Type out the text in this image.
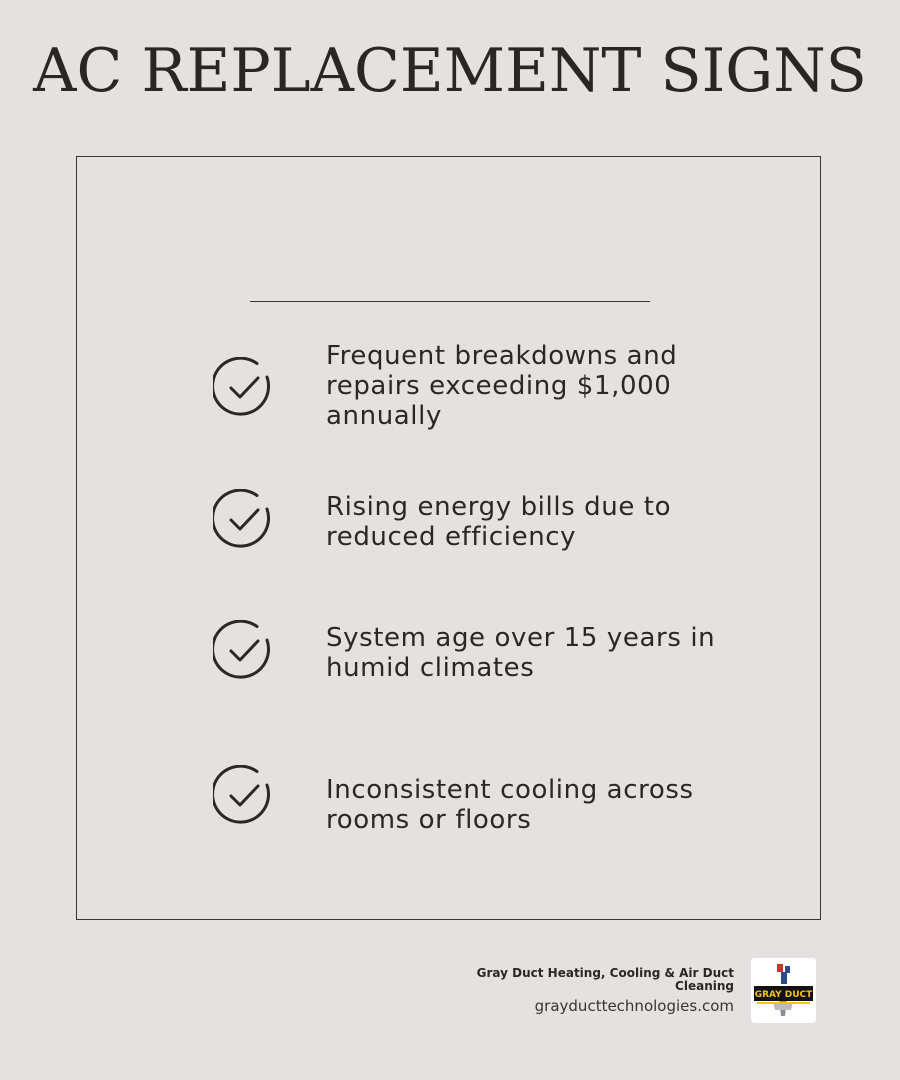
AC REPLACEMENT SIGNS
Frequent breakdowns and repairs exceeding $1,000 annually
Rising energy bills due to reduced efficiency
System age over 15 years in humid climates
Inconsistent cooling across rooms or floors
Gray Duct Heating, Cooling & Air Duct Cleaning
grayducttechnologies.com
GRAY DUCT
